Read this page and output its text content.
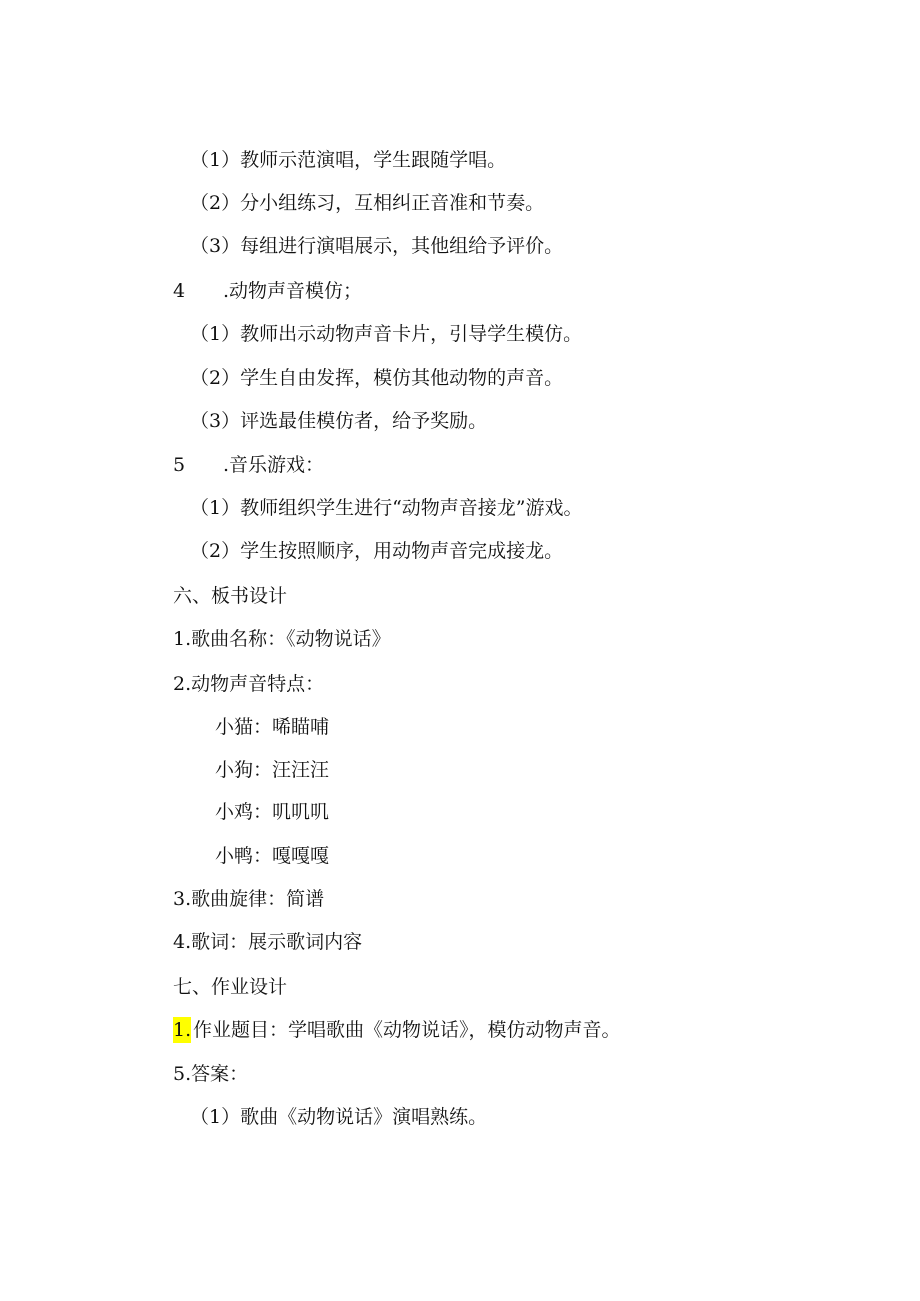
（1）教师示范演唱，学生跟随学唱。
（2）分小组练习，互相纠正音准和节奏。
（3）每组进行演唱展示，其他组给予评价。
4 .动物声音模仿；
（1）教师出示动物声音卡片，引导学生模仿。
（2）学生自由发挥，模仿其他动物的声音。
（3）评选最佳模仿者，给予奖励。
5 .音乐游戏：
（1）教师组织学生进行“动物声音接龙”游戏。
（2）学生按照顺序，用动物声音完成接龙。
六、板书设计
1.歌曲名称：《动物说话》
2.动物声音特点：
小猫：唏瞄哺
小狗：汪汪汪
小鸡：叽叽叽
小鸭：嘎嘎嘎
3.歌曲旋律：简谱
4.歌词：展示歌词内容
七、作业设计
1. 作业题目：学唱歌曲《动物说话》，模仿动物声音。
5.答案：
（1）歌曲《动物说话》演唱熟练。
